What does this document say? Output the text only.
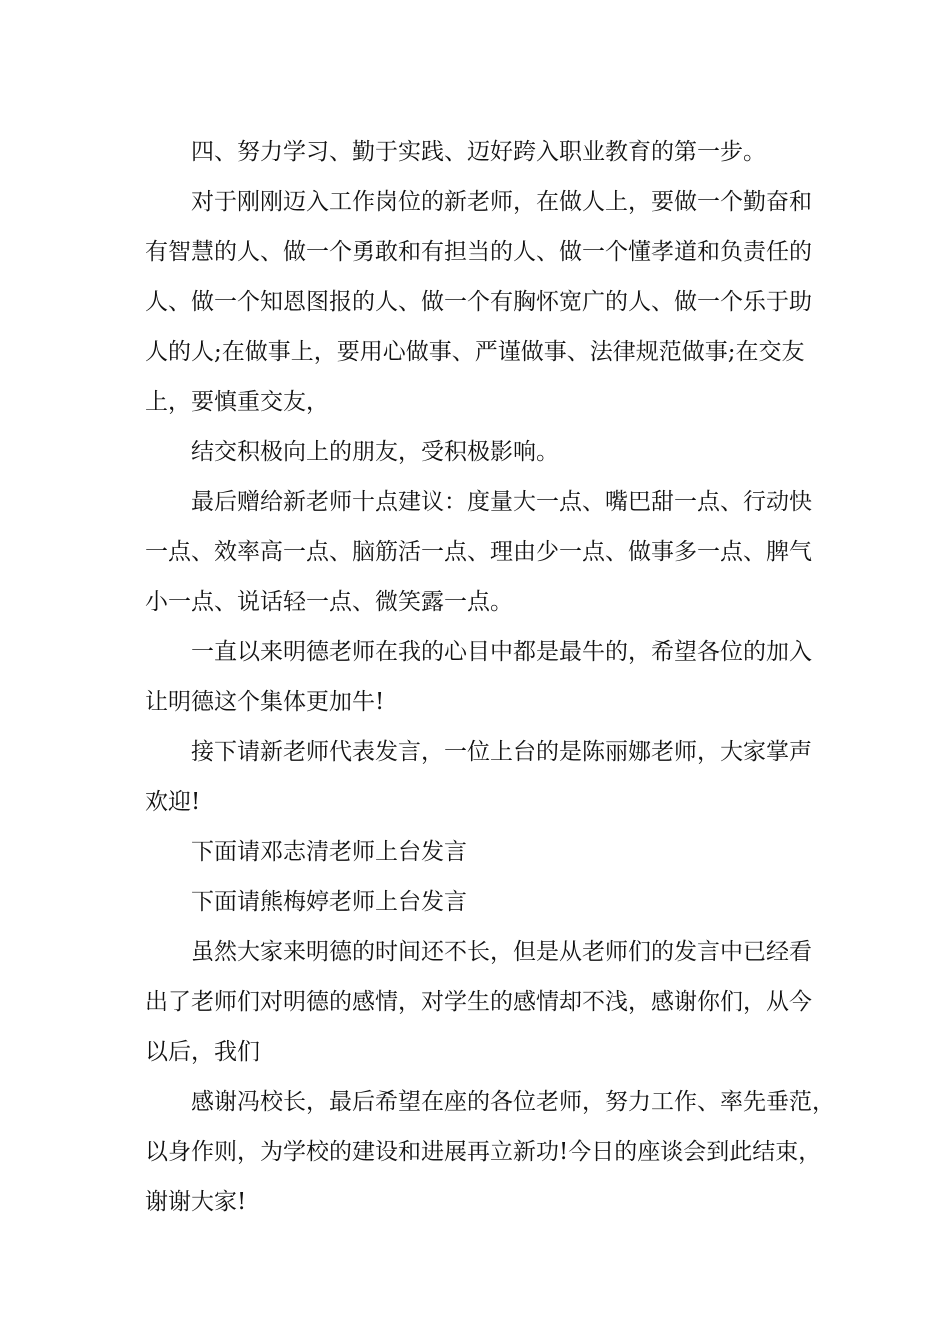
四、努力学习、勤于实践、迈好跨入职业教育的第一步。
对于刚刚迈入工作岗位的新老师，在做人上，要做一个勤奋和
有智慧的人、做一个勇敢和有担当的人、做一个懂孝道和负责任的
人、做一个知恩图报的人、做一个有胸怀宽广的人、做一个乐于助
人的人;在做事上，要用心做事、严谨做事、法律规范做事;在交友
上，要慎重交友，
结交积极向上的朋友，受积极影响。
最后赠给新老师十点建议：度量大一点、嘴巴甜一点、行动快
一点、效率高一点、脑筋活一点、理由少一点、做事多一点、脾气
小一点、说话轻一点、微笑露一点。
一直以来明德老师在我的心目中都是最牛的，希望各位的加入
让明德这个集体更加牛!
接下请新老师代表发言，一位上台的是陈丽娜老师，大家掌声
欢迎!
下面请邓志清老师上台发言
下面请熊梅婷老师上台发言
虽然大家来明德的时间还不长，但是从老师们的发言中已经看
出了老师们对明德的感情，对学生的感情却不浅，感谢你们，从今
以后，我们
感谢冯校长，最后希望在座的各位老师，努力工作、率先垂范，
以身作则，为学校的建设和进展再立新功!今日的座谈会到此结束，
谢谢大家!
